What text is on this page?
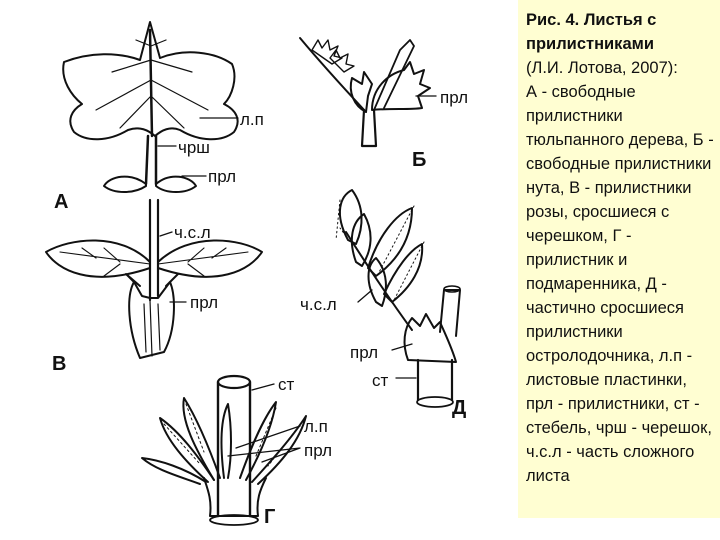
л.п
чрш
прл
А
прл
Б
ч.с.л
прл
В
ст
л.п
прл
Г
ч.с.л
прл
ст
Д

Рис. 4. Листья с прилистниками
(Л.И. Лотова, 2007):
А - свободные прилистники тюльпанного дерева, Б - свободные прилистники нута, В - прилистники розы, сросшиеся с черешком, Г - прилистник и подмаренника, Д - частично сросшиеся прилистники остролодочника, л.п - листовые пластинки, прл - прилистники, ст - стебель, чрш - черешок, ч.с.л - часть сложного листа
